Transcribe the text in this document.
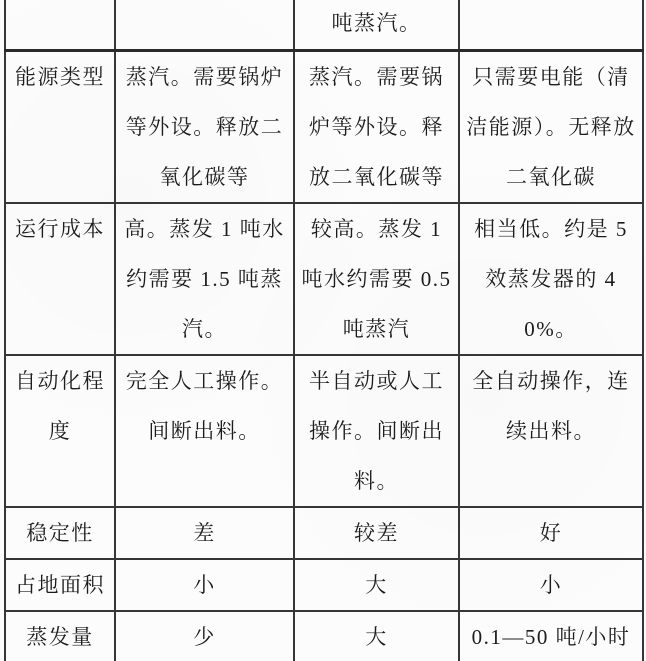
		吨蒸汽。	
能源类型	蒸汽。需要锅炉等外设。释放二氧化碳等	蒸汽。需要锅炉等外设。释放二氧化碳等	只需要电能（清洁能源）。无释放二氧化碳
运行成本	高。蒸发 1 吨水约需要 1.5 吨蒸汽。	较高。蒸发 1 吨水约需要 0.5 吨蒸汽	相当低。约是 5 效蒸发器的 40%。
自动化程度	完全人工操作。间断出料。	半自动或人工操作。间断出料。	全自动操作，连续出料。
稳定性	差	较差	好
占地面积	小	大	小
蒸发量	少	大	0.1—50 吨/小时
